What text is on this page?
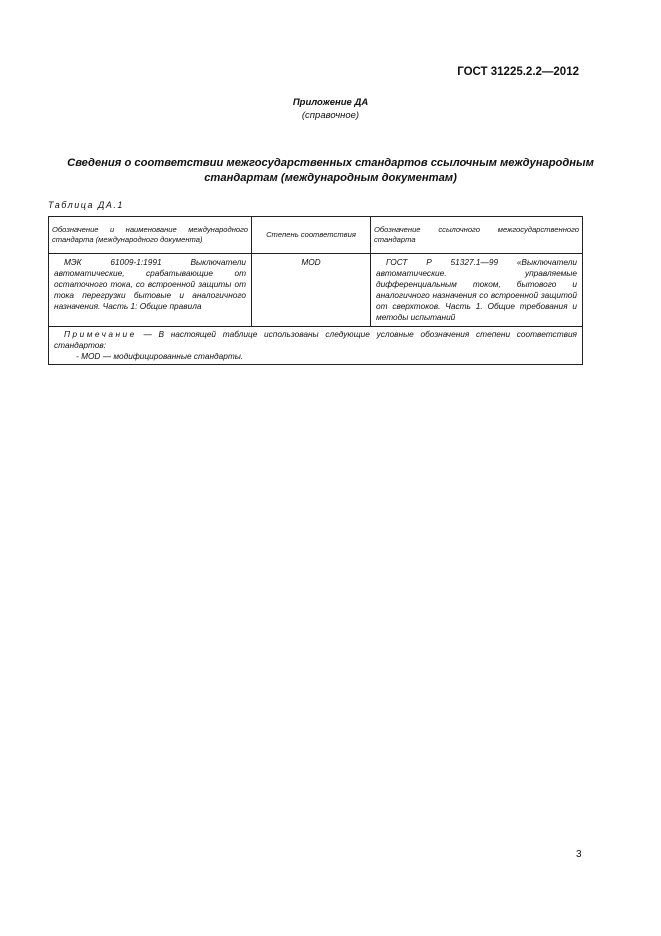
ГОСТ 31225.2.2—2012
Приложение ДА
(справочное)
Сведения о соответствии межгосударственных стандартов ссылочным международным
стандартам (международным документам)
Таблица ДА.1
Обозначение и наименование международного стандарта (международного документа)	Степень соответствия	Обозначение ссылочного межгосударственного стандарта

МЭК 61009-1:1991 Выключатели автоматические, срабатывающие от остаточного тока, со встроенной защиты от тока перегрузки бытовые и аналогичного назначения. Часть 1: Общие правила	MOD	ГОСТ Р 51327.1—99 «Выключатели автоматические. управляемые дифференциальным током, бытового и аналогичного назначения со встроенной защитой от сверхтоков. Часть 1. Общие требования и методы испытаний

Примечание — В настоящей таблице использованы следующие условные обозначения степени соответствия стандартов:
- MOD — модифицированные стандарты.		
3
